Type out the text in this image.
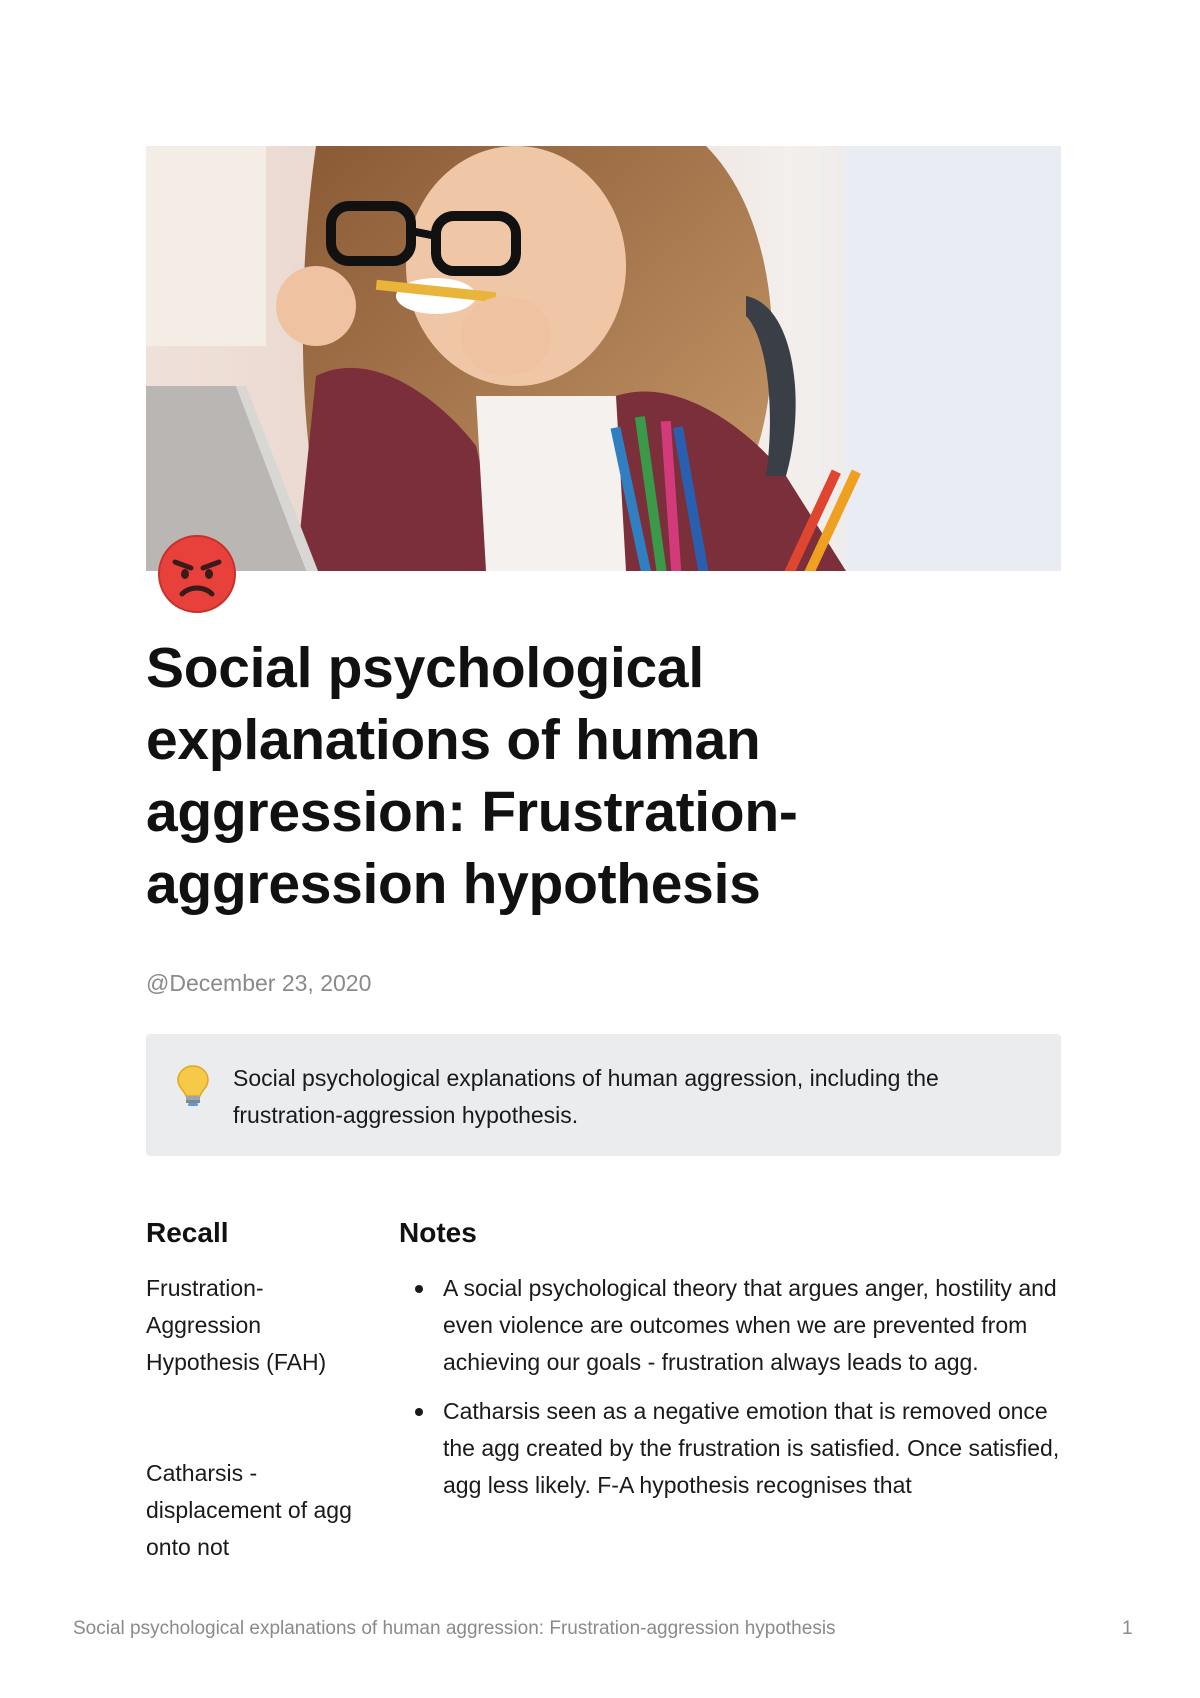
Social psychological explanations of human aggression: Frustration-aggression hypothesis
@December 23, 2020
Social psychological explanations of human aggression, including the frustration-aggression hypothesis.
Recall	Notes
Frustration-Aggression Hypothesis (FAH)
Catharsis - displacement of agg onto not
A social psychological theory that argues anger, hostility and even violence are outcomes when we are prevented from achieving our goals - frustration always leads to agg.
Catharsis seen as a negative emotion that is removed once the agg created by the frustration is satisfied. Once satisfied, agg less likely. F-A hypothesis recognises that
Social psychological explanations of human aggression: Frustration-aggression hypothesis	1
